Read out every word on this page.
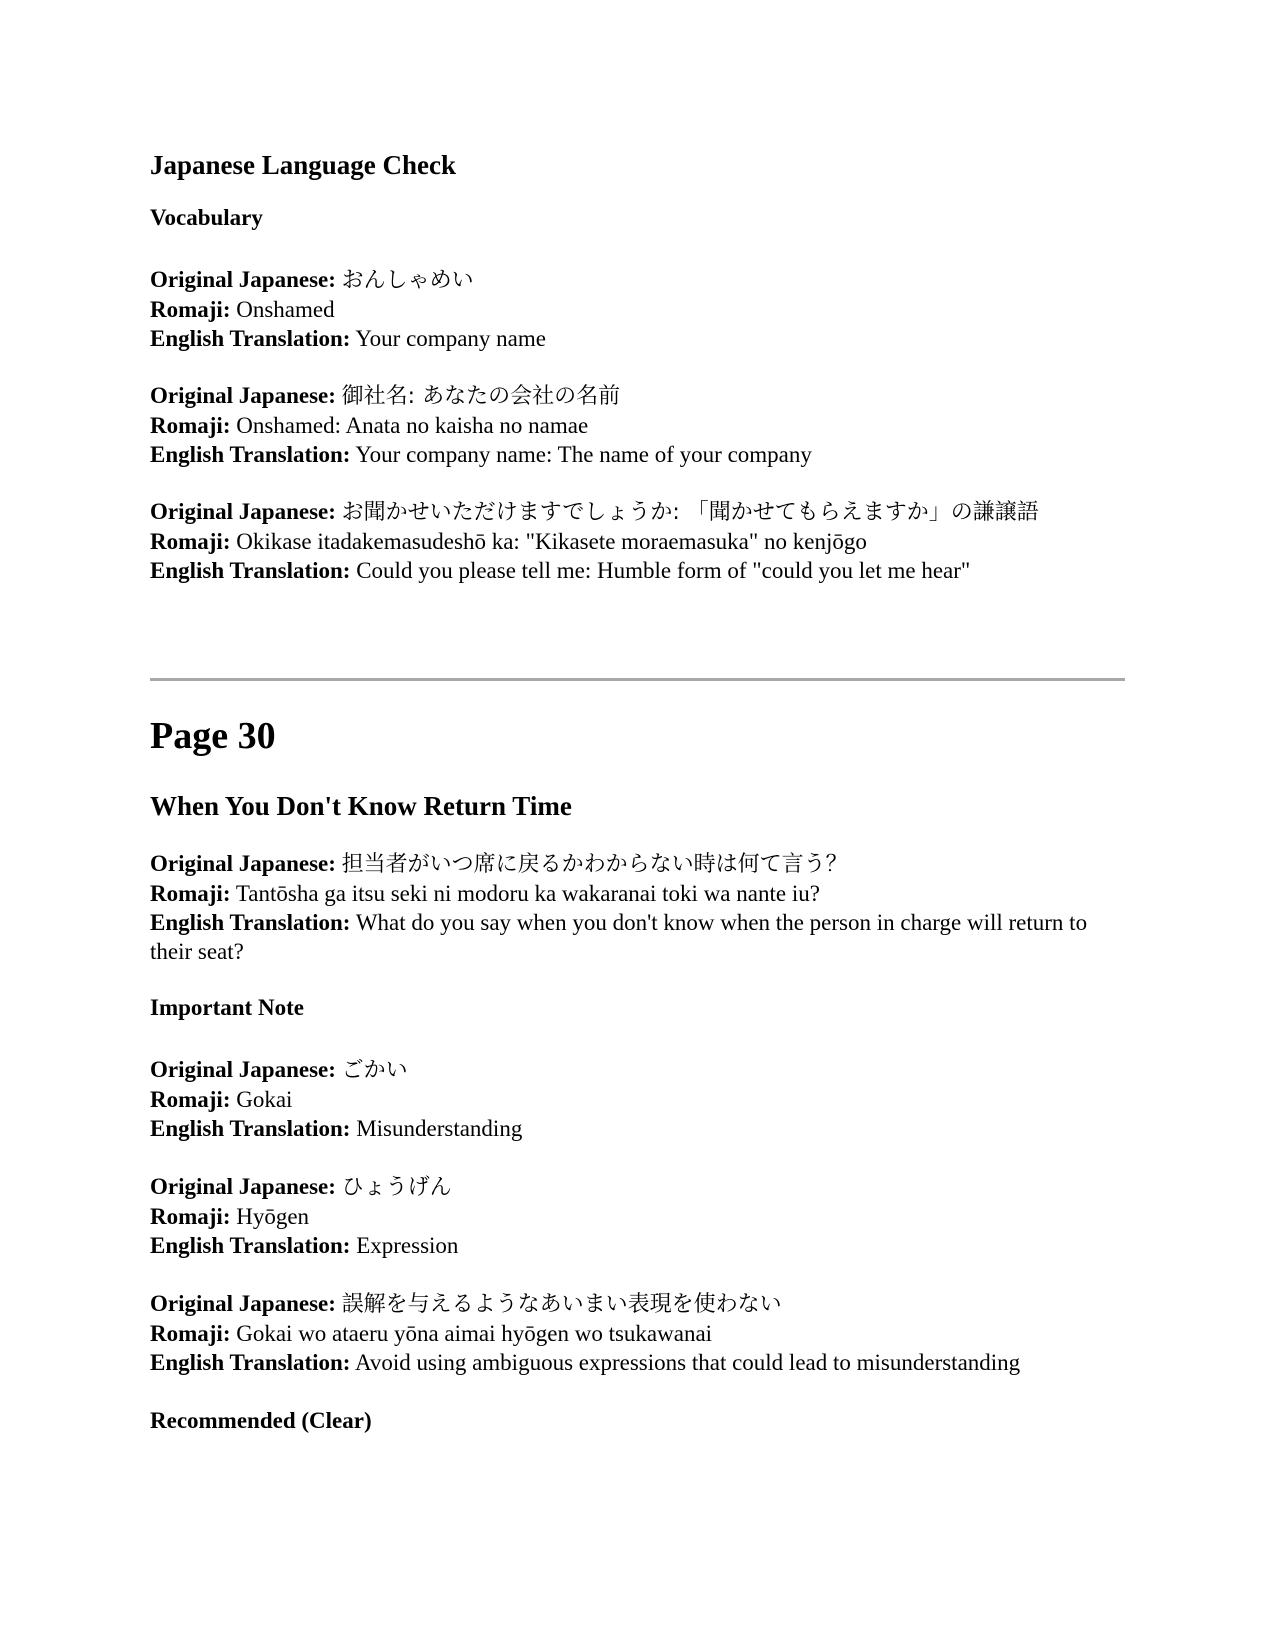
Japanese Language Check
Vocabulary
Original Japanese: おんしゃめい
Romaji: Onshamed
English Translation: Your company name
Original Japanese: 御社名: あなたの会社の名前
Romaji: Onshamed: Anata no kaisha no namae
English Translation: Your company name: The name of your company
Original Japanese: お聞かせいただけますでしょうか: 「聞かせてもらえますか」の謙譲語
Romaji: Okikase itadakemasudeshō ka: "Kikasete moraemasuka" no kenjōgo
English Translation: Could you please tell me: Humble form of "could you let me hear"
Page 30
When You Don't Know Return Time
Original Japanese: 担当者がいつ席に戻るかわからない時は何て言う？
Romaji: Tantōsha ga itsu seki ni modoru ka wakaranai toki wa nante iu?
English Translation: What do you say when you don't know when the person in charge will return to their seat?
Important Note
Original Japanese: ごかい
Romaji: Gokai
English Translation: Misunderstanding
Original Japanese: ひょうげん
Romaji: Hyōgen
English Translation: Expression
Original Japanese: 誤解を与えるようなあいまい表現を使わない
Romaji: Gokai wo ataeru yōna aimai hyōgen wo tsukawanai
English Translation: Avoid using ambiguous expressions that could lead to misunderstanding
Recommended (Clear)
